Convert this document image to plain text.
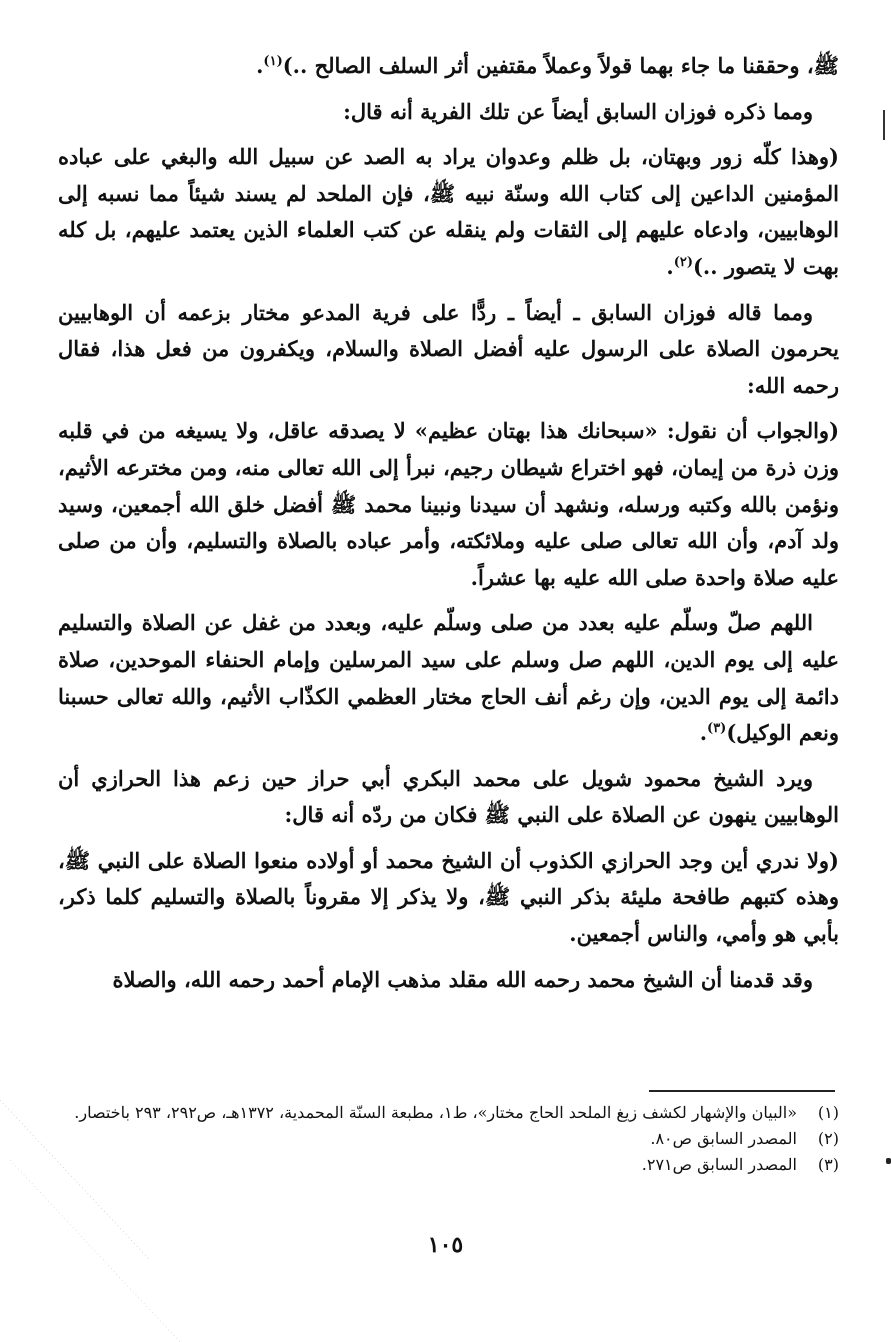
ﷺ، وحققنا ما جاء بهما قولاً وعملاً مقتفين أثر السلف الصالح ..)$^{(١)}$.

ومما ذكره فوزان السابق أيضاً عن تلك الفرية أنه قال:

(وهذا كلّه زور وبهتان، بل ظلم وعدوان يراد به الصد عن سبيل الله والبغي على عباده المؤمنين الداعين إلى كتاب الله وسنّة نبيه ﷺ، فإن الملحد لم يسند شيئاً مما نسبه إلى الوهابيين، وادعاه عليهم إلى الثقات ولم ينقله عن كتب العلماء الذين يعتمد عليهم، بل كله بهت لا يتصور ..)$^{(٢)}$.

ومما قاله فوزان السابق ـ أيضاً ـ ردًّا على فرية المدعو مختار بزعمه أن الوهابيين يحرمون الصلاة على الرسول عليه أفضل الصلاة والسلام، ويكفرون من فعل هذا، فقال رحمه الله:

(والجواب أن نقول: «سبحانك هذا بهتان عظيم» لا يصدقه عاقل، ولا يسيغه من في قلبه وزن ذرة من إيمان، فهو اختراع شيطان رجيم، نبرأ إلى الله تعالى منه، ومن مخترعه الأثيم، ونؤمن بالله وكتبه ورسله، ونشهد أن سيدنا ونبينا محمد ﷺ أفضل خلق الله أجمعين، وسيد ولد آدم، وأن الله تعالى صلى عليه وملائكته، وأمر عباده بالصلاة والتسليم، وأن من صلى عليه صلاة واحدة صلى الله عليه بها عشراً.

اللهم صلّ وسلّم عليه بعدد من صلى وسلّم عليه، وبعدد من غفل عن الصلاة والتسليم عليه إلى يوم الدين، اللهم صل وسلم على سيد المرسلين وإمام الحنفاء الموحدين، صلاة دائمة إلى يوم الدين، وإن رغم أنف الحاج مختار العظمي الكذّاب الأثيم، والله تعالى حسبنا ونعم الوكيل)$^{(٣)}$.

ويرد الشيخ محمود شويل على محمد البكري أبي حراز حين زعم هذا الحرازي أن الوهابيين ينهون عن الصلاة على النبي ﷺ فكان من ردّه أنه قال:

(ولا ندري أين وجد الحرازي الكذوب أن الشيخ محمد أو أولاده منعوا الصلاة على النبي ﷺ، وهذه كتبهم طافحة مليئة بذكر النبي ﷺ، ولا يذكر إلا مقروناً بالصلاة والتسليم كلما ذكر، بأبي هو وأمي، والناس أجمعين.

وقد قدمنا أن الشيخ محمد رحمه الله مقلد مذهب الإمام أحمد رحمه الله، والصلاة

(١)
«البيان والإشهار لكشف زيغ الملحد الحاج مختار»، ط١، مطبعة السنّة المحمدية، ١٣٧٢هـ، ص٢٩٢، ٢٩٣ باختصار.
(٢)
المصدر السابق ص٨٠.
(٣)
المصدر السابق ص٢٧١.
١٠٥
